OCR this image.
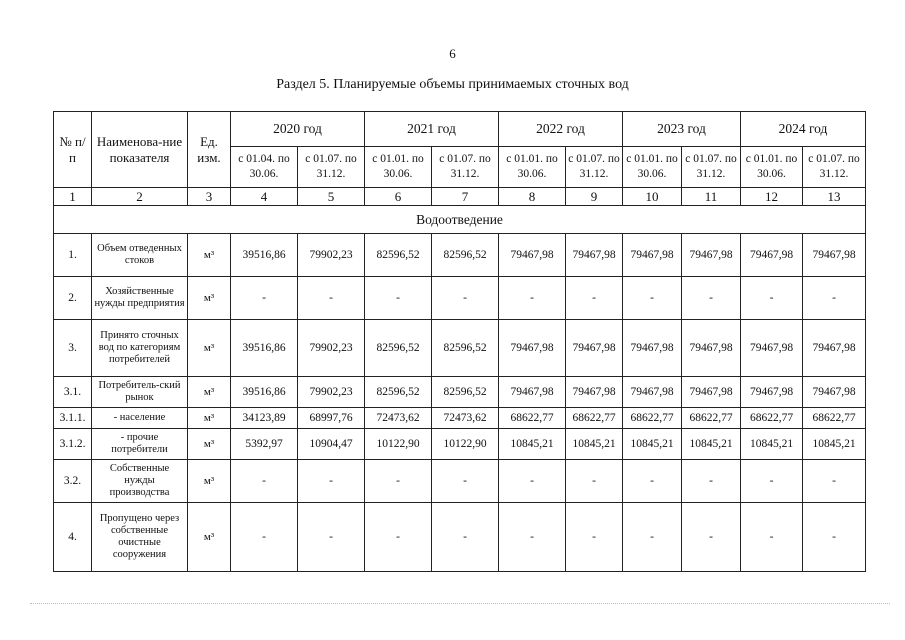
6
Раздел 5. Планируемые объемы принимаемых сточных вод
№ п/п	Наименова-ние показателя	Ед. изм.	2020 год		2021 год		2022 год		2023 год		2024 год	
			с 01.04. по 30.06.	с 01.07. по 31.12.	с 01.01. по 30.06.	с 01.07. по 31.12.	с 01.01. по 30.06.	с 01.07. по 31.12.	с 01.01. по 30.06.	с 01.07. по 31.12.	с 01.01. по 30.06.	с 01.07. по 31.12.
1	2	3	4	5	6	7	8	9	10	11	12	13
Водоотведение												
1.	Объем отведенных стоков	м³	39516,86	79902,23	82596,52	82596,52	79467,98	79467,98	79467,98	79467,98	79467,98	79467,98
2.	Хозяйственные нужды предприятия	м³	-	-	-	-	-	-	-	-	-	-
3.	Принято сточных вод по категориям потребителей	м³	39516,86	79902,23	82596,52	82596,52	79467,98	79467,98	79467,98	79467,98	79467,98	79467,98
3.1.	Потребитель-ский рынок	м³	39516,86	79902,23	82596,52	82596,52	79467,98	79467,98	79467,98	79467,98	79467,98	79467,98
3.1.1.	- население	м³	34123,89	68997,76	72473,62	72473,62	68622,77	68622,77	68622,77	68622,77	68622,77	68622,77
3.1.2.	- прочие потребители	м³	5392,97	10904,47	10122,90	10122,90	10845,21	10845,21	10845,21	10845,21	10845,21	10845,21
3.2.	Собственные нужды производства	м³	-	-	-	-	-	-	-	-	-	-
4.	Пропущено через собственные очистные сооружения	м³	-	-	-	-	-	-	-	-	-	-
